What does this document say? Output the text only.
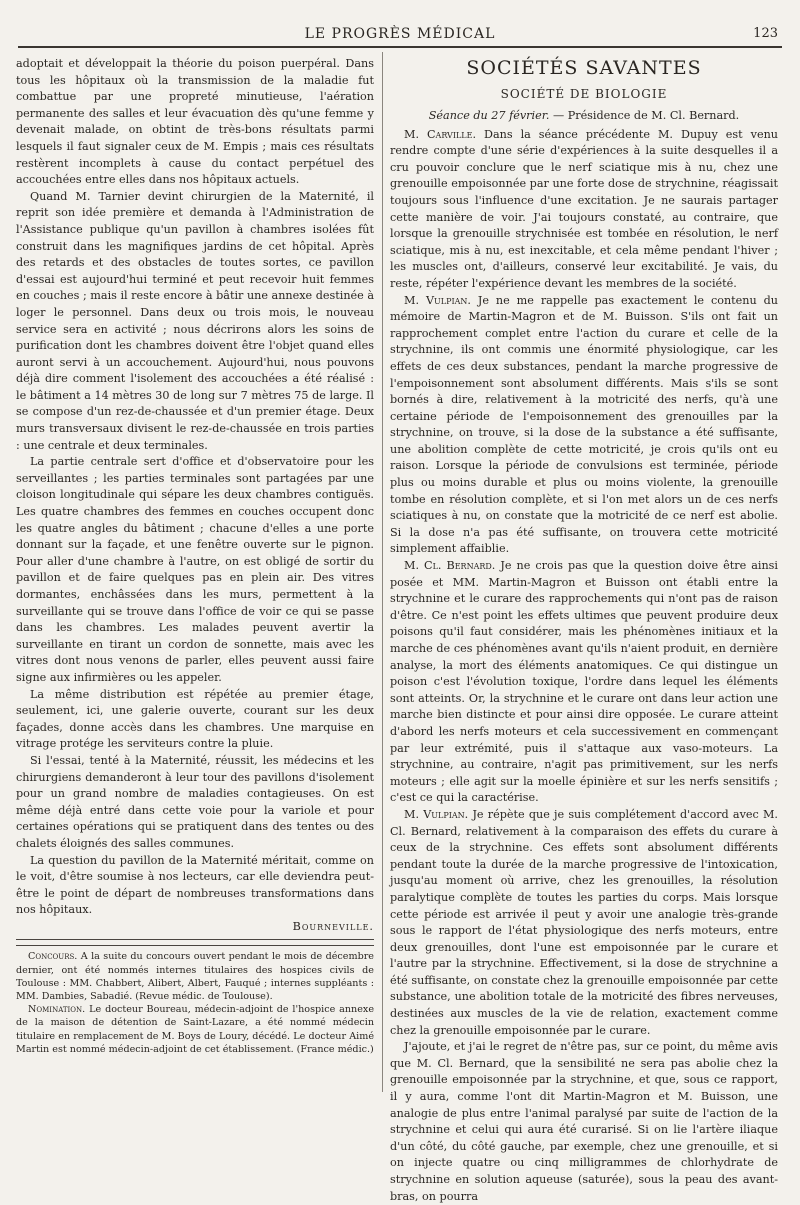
LE PROGRÈS MÉDICAL	123

adoptait et développait la théorie du poison puerpéral. Dans tous les hôpitaux où la transmission de la maladie fut combattue par une propreté minutieuse, l'aération permanente des salles et leur évacuation dès qu'une femme y devenait malade, on obtint de très-bons résultats parmi lesquels il faut signaler ceux de M. Empis ; mais ces résultats restèrent incomplets à cause du contact perpétuel des accouchées entre elles dans nos hôpitaux actuels.

Quand M. Tarnier devint chirurgien de la Maternité, il reprit son idée première et demanda à l'Administration de l'Assistance publique qu'un pavillon à chambres isolées fût construit dans les magnifiques jardins de cet hôpital. Après des retards et des obstacles de toutes sortes, ce pavillon d'essai est aujourd'hui terminé et peut recevoir huit femmes en couches ; mais il reste encore à bâtir une annexe destinée à loger le personnel. Dans deux ou trois mois, le nouveau service sera en activité ; nous décrirons alors les soins de purification dont les chambres doivent être l'objet quand elles auront servi à un accouchement. Aujourd'hui, nous pouvons déjà dire comment l'isolement des accouchées a été réalisé : le bâtiment a 14 mètres 30 de long sur 7 mètres 75 de large. Il se compose d'un rez-de-chaussée et d'un premier étage. Deux murs transversaux divisent le rez-de-chaussée en trois parties : une centrale et deux terminales.

La partie centrale sert d'office et d'observatoire pour les serveillantes ; les parties terminales sont partagées par une cloison longitudinale qui sépare les deux chambres contiguës. Les quatre chambres des femmes en couches occupent donc les quatre angles du bâtiment ; chacune d'elles a une porte donnant sur la façade, et une fenêtre ouverte sur le pignon. Pour aller d'une chambre à l'autre, on est obligé de sortir du pavillon et de faire quelques pas en plein air. Des vitres dormantes, enchâssées dans les murs, permettent à la surveillante qui se trouve dans l'office de voir ce qui se passe dans les chambres. Les malades peuvent avertir la surveillante en tirant un cordon de sonnette, mais avec les vitres dont nous venons de parler, elles peuvent aussi faire signe aux infirmières ou les appeler.

La même distribution est répétée au premier étage, seulement, ici, une galerie ouverte, courant sur les deux façades, donne accès dans les chambres. Une marquise en vitrage protége les serviteurs contre la pluie.

Si l'essai, tenté à la Maternité, réussit, les médecins et les chirurgiens demanderont à leur tour des pavillons d'isolement pour un grand nombre de maladies contagieuses. On est même déjà entré dans cette voie pour la variole et pour certaines opérations qui se pratiquent dans des tentes ou des chalets éloignés des salles communes.

La question du pavillon de la Maternité méritait, comme on le voit, d'être soumise à nos lecteurs, car elle deviendra peut-être le point de départ de nombreuses transformations dans nos hôpitaux.

Bourneville.

Concours. A la suite du concours ouvert pendant le mois de décembre dernier, ont été nommés internes titulaires des hospices civils de Toulouse : MM. Chabbert, Alibert, Albert, Fauqué ; internes suppléants : MM. Dambies, Sabadié. (Revue médic. de Toulouse).

Nomination. Le docteur Boureau, médecin-adjoint de l'hospice annexe de la maison de détention de Saint-Lazare, a été nommé médecin titulaire en remplacement de M. Boys de Loury, décédé. Le docteur Aimé Martin est nommé médecin-adjoint de cet établissement. (France médic.)

SOCIÉTÉS SAVANTES
SOCIÉTÉ DE BIOLOGIE
Séance du 27 février. — Présidence de M. Cl. Bernard.

M. Carville. Dans la séance précédente M. Dupuy est venu rendre compte d'une série d'expériences à la suite desquelles il a cru pouvoir conclure que le nerf sciatique mis à nu, chez une grenouille empoisonnée par une forte dose de strychnine, réagissait toujours sous l'influence d'une excitation. Je ne saurais partager cette manière de voir. J'ai toujours constaté, au contraire, que lorsque la grenouille strychnisée est tombée en résolution, le nerf sciatique, mis à nu, est inexcitable, et cela même pendant l'hiver ; les muscles ont, d'ailleurs, conservé leur excitabilité. Je vais, du reste, répéter l'expérience devant les membres de la société.

M. Vulpian. Je ne me rappelle pas exactement le contenu du mémoire de Martin-Magron et de M. Buisson. S'ils ont fait un rapprochement complet entre l'action du curare et celle de la strychnine, ils ont commis une énormité physiologique, car les effets de ces deux substances, pendant la marche progressive de l'empoisonnement sont absolument différents. Mais s'ils se sont bornés à dire, relativement à la motricité des nerfs, qu'à une certaine période de l'empoisonnement des grenouilles par la strychnine, on trouve, si la dose de la substance a été suffisante, une abolition complète de cette motricité, je crois qu'ils ont eu raison. Lorsque la période de convulsions est terminée, période plus ou moins durable et plus ou moins violente, la grenouille tombe en résolution complète, et si l'on met alors un de ces nerfs sciatiques à nu, on constate que la motricité de ce nerf est abolie. Si la dose n'a pas été suffisante, on trouvera cette motricité simplement affaiblie.

M. Cl. Bernard. Je ne crois pas que la question doive être ainsi posée et MM. Martin-Magron et Buisson ont établi entre la strychnine et le curare des rapprochements qui n'ont pas de raison d'être. Ce n'est point les effets ultimes que peuvent produire deux poisons qu'il faut considérer, mais les phénomènes initiaux et la marche de ces phénomènes avant qu'ils n'aient produit, en dernière analyse, la mort des éléments anatomiques. Ce qui distingue un poison c'est l'évolution toxique, l'ordre dans lequel les éléments sont atteints. Or, la strychnine et le curare ont dans leur action une marche bien distincte et pour ainsi dire opposée. Le curare atteint d'abord les nerfs moteurs et cela successivement en commençant par leur extrémité, puis il s'attaque aux vaso-moteurs. La strychnine, au contraire, n'agit pas primitivement, sur les nerfs moteurs ; elle agit sur la moelle épinière et sur les nerfs sensitifs ; c'est ce qui la caractérise.

M. Vulpian. Je répète que je suis complétement d'accord avec M. Cl. Bernard, relativement à la comparaison des effets du curare à ceux de la strychnine. Ces effets sont absolument différents pendant toute la durée de la marche progressive de l'intoxication, jusqu'au moment où arrive, chez les grenouilles, la résolution paralytique complète de toutes les parties du corps. Mais lorsque cette période est arrivée il peut y avoir une analogie très-grande sous le rapport de l'état physiologique des nerfs moteurs, entre deux grenouilles, dont l'une est empoisonnée par le curare et l'autre par la strychnine. Effectivement, si la dose de strychnine a été suffisante, on constate chez la grenouille empoisonnée par cette substance, une abolition totale de la motricité des fibres nerveuses, destinées aux muscles de la vie de relation, exactement comme chez la grenouille empoisonnée par le curare.

J'ajoute, et j'ai le regret de n'être pas, sur ce point, du même avis que M. Cl. Bernard, que la sensibilité ne sera pas abolie chez la grenouille empoisonnée par la strychnine, et que, sous ce rapport, il y aura, comme l'ont dit Martin-Magron et M. Buisson, une analogie de plus entre l'animal paralysé par suite de l'action de la strychnine et celui qui aura été curarisé. Si on lie l'artère iliaque d'un côté, du côté gauche, par exemple, chez une grenouille, et si on injecte quatre ou cinq milligrammes de chlorhydrate de strychnine en solution aqueuse (saturée), sous la peau des avant-bras, on pourra
